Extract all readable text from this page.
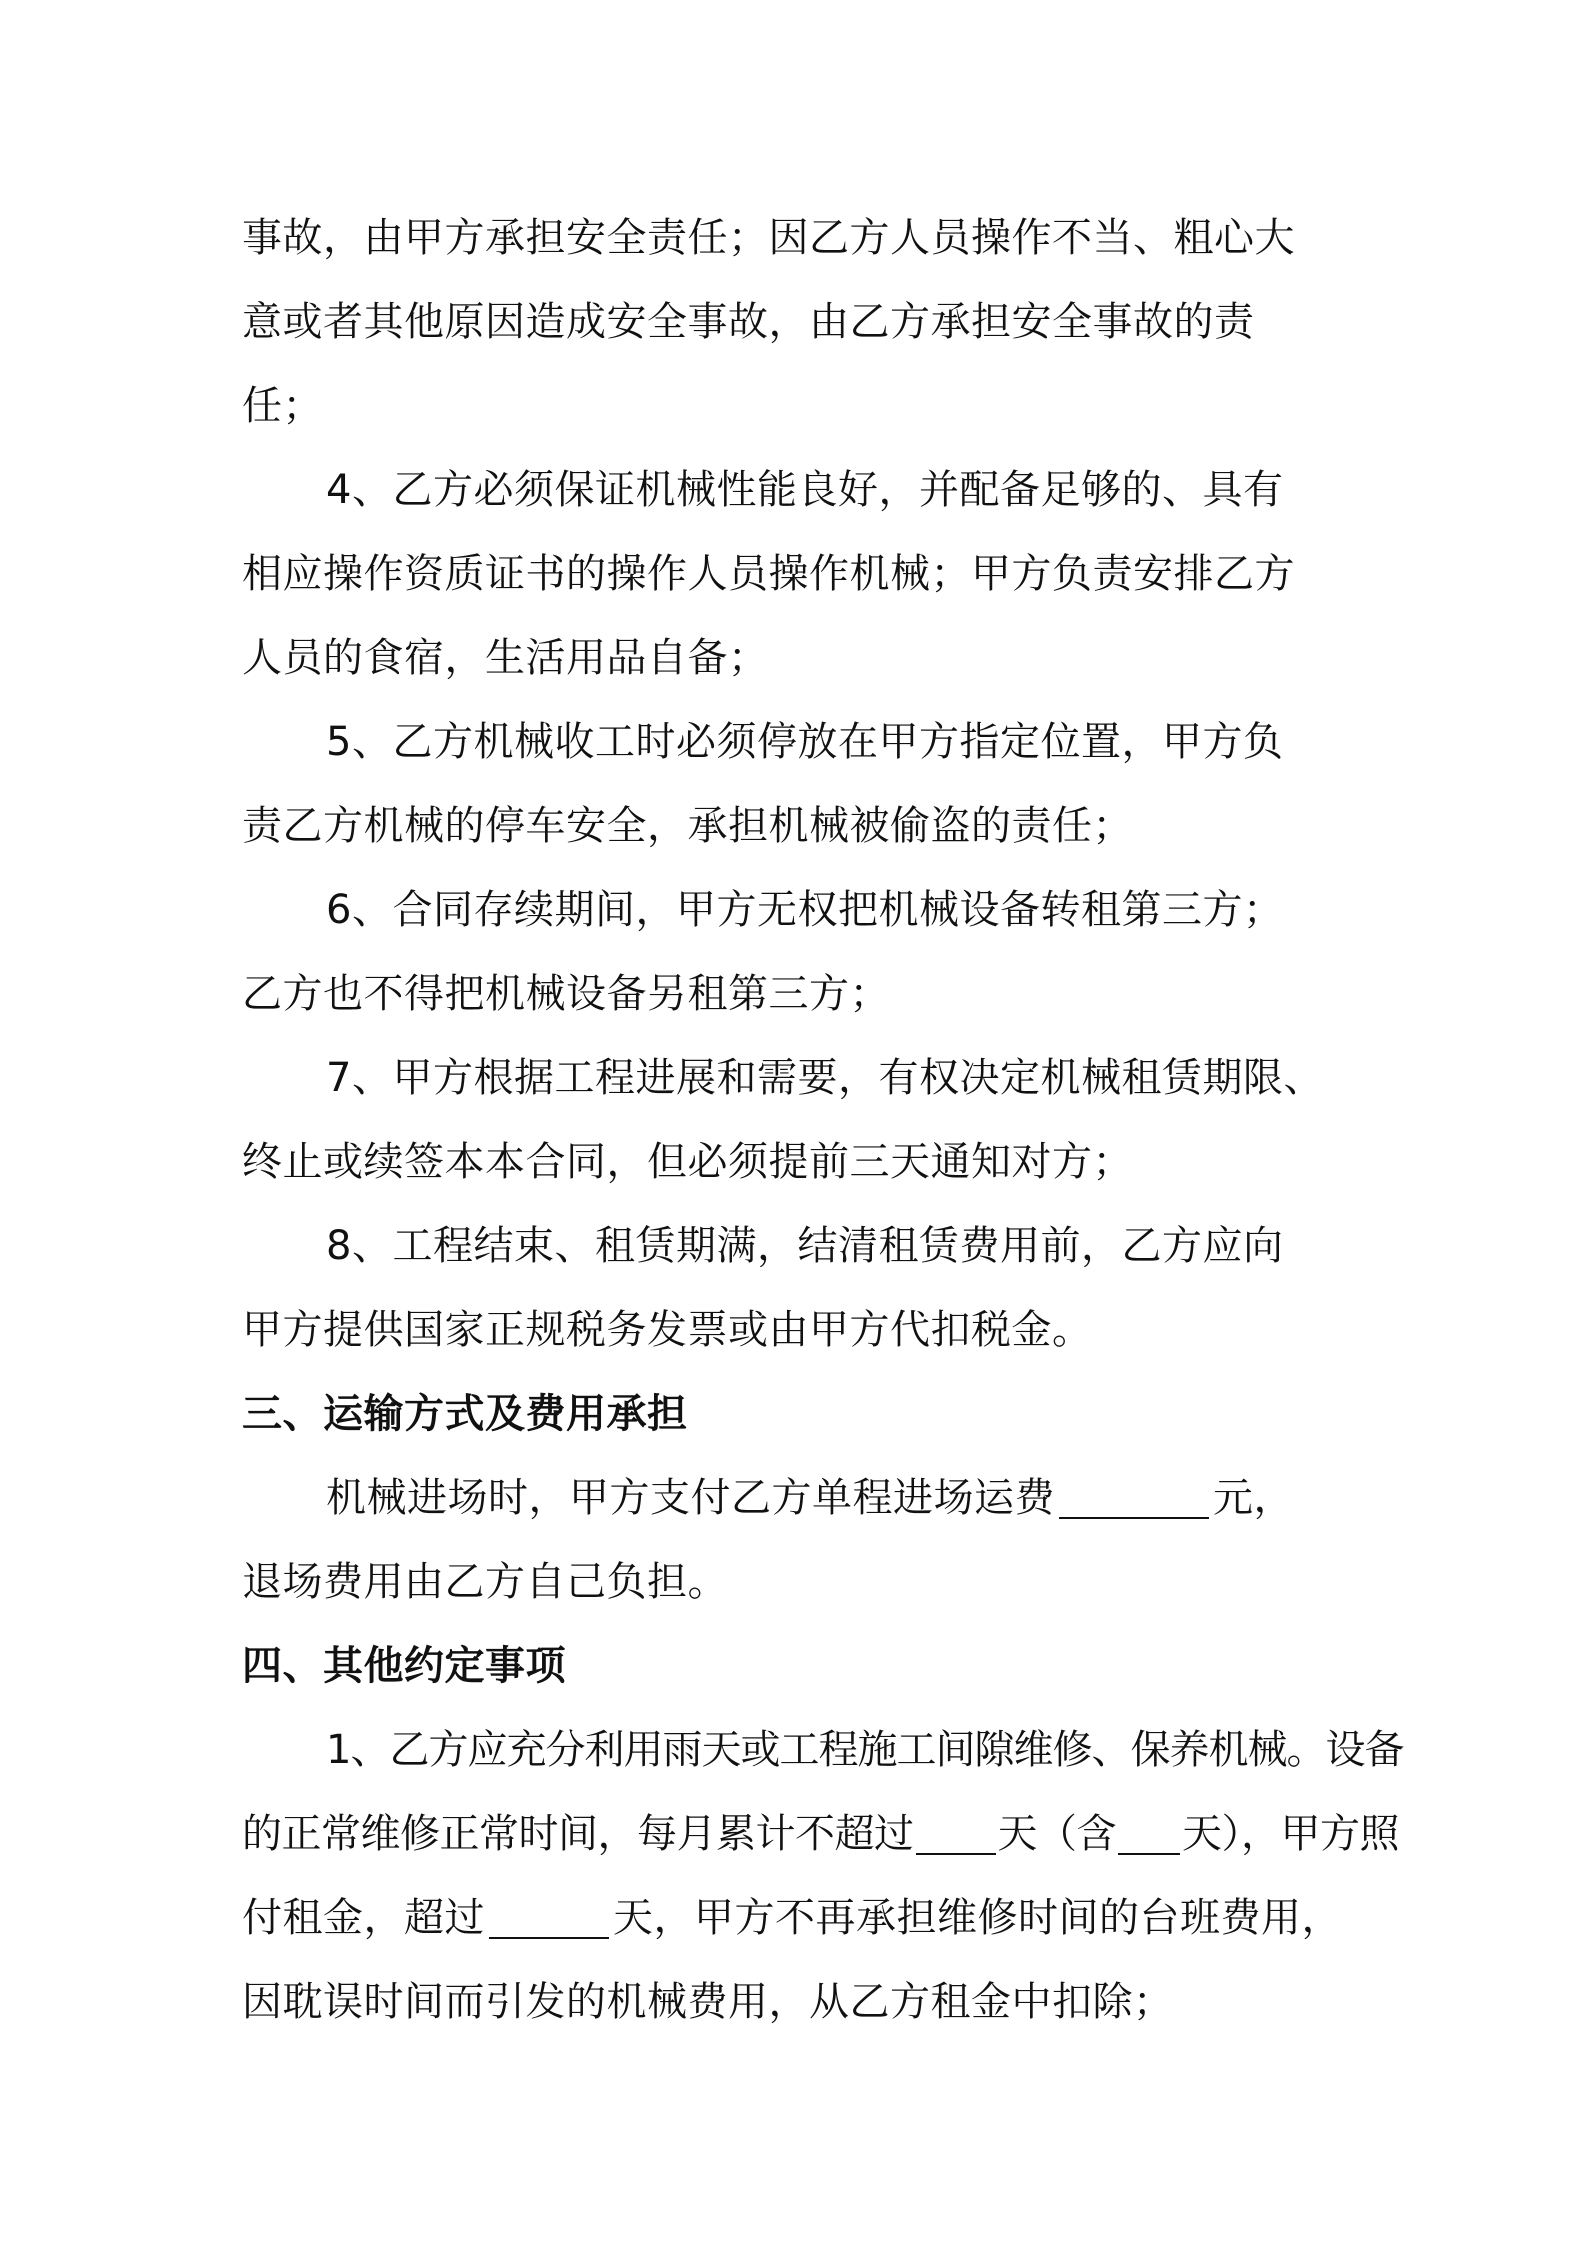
事故，由甲方承担安全责任；因乙方人员操作不当、粗心大
意或者其他原因造成安全事故，由乙方承担安全事故的责
任；
4、乙方必须保证机械性能良好，并配备足够的、具有
相应操作资质证书的操作人员操作机械；甲方负责安排乙方
人员的食宿，生活用品自备；
5、乙方机械收工时必须停放在甲方指定位置，甲方负
责乙方机械的停车安全，承担机械被偷盗的责任；
6、合同存续期间，甲方无权把机械设备转租第三方；
乙方也不得把机械设备另租第三方；
7、甲方根据工程进展和需要，有权决定机械租赁期限、
终止或续签本本合同，但必须提前三天通知对方；
8、工程结束、租赁期满，结清租赁费用前，乙方应向
甲方提供国家正规税务发票或由甲方代扣税金。
三、运输方式及费用承担
机械进场时，甲方支付乙方单程进场运费	元，
退场费用由乙方自己负担。
四、其他约定事项
1、乙方应充分利用雨天或工程施工间隙维修、保养机械。设备
的正常维修正常时间，每月累计不超过 天（含 天），甲方照
付租金，超过	天，甲方不再承担维修时间的台班费用，
因耽误时间而引发的机械费用，从乙方租金中扣除；
